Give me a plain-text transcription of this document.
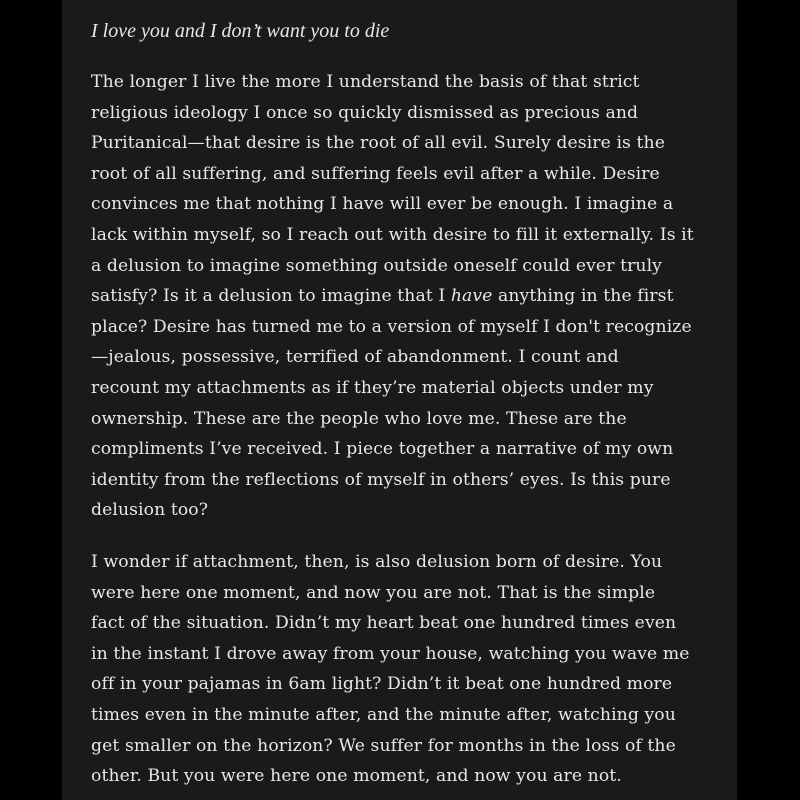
I love you and I don’t want you to die

The longer I live the more I understand the basis of that strict
religious ideology I once so quickly dismissed as precious and
Puritanical—that desire is the root of all evil. Surely desire is the
root of all suffering, and suffering feels evil after a while. Desire
convinces me that nothing I have will ever be enough. I imagine a
lack within myself, so I reach out with desire to fill it externally. Is it
a delusion to imagine something outside oneself could ever truly
satisfy? Is it a delusion to imagine that I have anything in the first
place? Desire has turned me to a version of myself I don't recognize
—jealous, possessive, terrified of abandonment. I count and
recount my attachments as if they’re material objects under my
ownership. These are the people who love me. These are the
compliments I’ve received. I piece together a narrative of my own
identity from the reflections of myself in others’ eyes. Is this pure
delusion too?
I wonder if attachment, then, is also delusion born of desire. You
were here one moment, and now you are not. That is the simple
fact of the situation. Didn’t my heart beat one hundred times even
in the instant I drove away from your house, watching you wave me
off in your pajamas in 6am light? Didn’t it beat one hundred more
times even in the minute after, and the minute after, watching you
get smaller on the horizon? We suffer for months in the loss of the
other. But you were here one moment, and now you are not.
